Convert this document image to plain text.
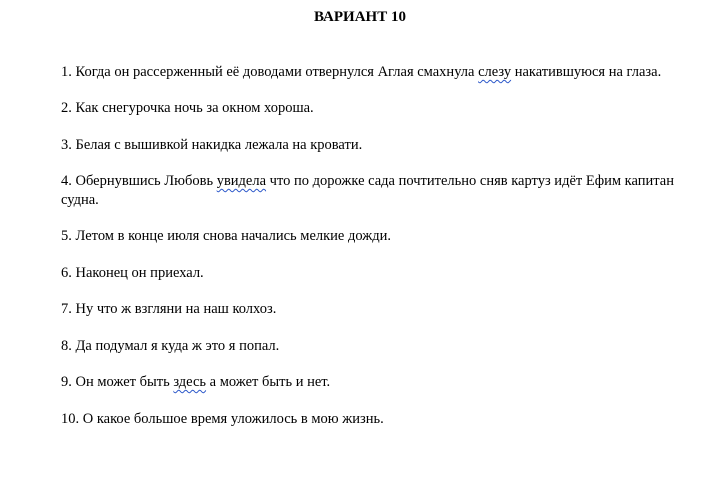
ВАРИАНТ 10
1. Когда он рассерженный её доводами отвернулся Аглая смахнула слезу накатившуюся на глаза.
2. Как снегурочка ночь за окном хороша.
3. Белая с вышивкой накидка лежала на кровати.
4. Обернувшись Любовь увидела что по дорожке сада почтительно сняв картуз идёт Ефим капитан судна.
5. Летом в конце июля снова начались мелкие дожди.
6. Наконец он приехал.
7. Ну что ж взгляни на наш колхоз.
8. Да подумал я куда ж это я попал.
9. Он может быть здесь а может быть и нет.
10. О какое большое время уложилось в мою жизнь.
